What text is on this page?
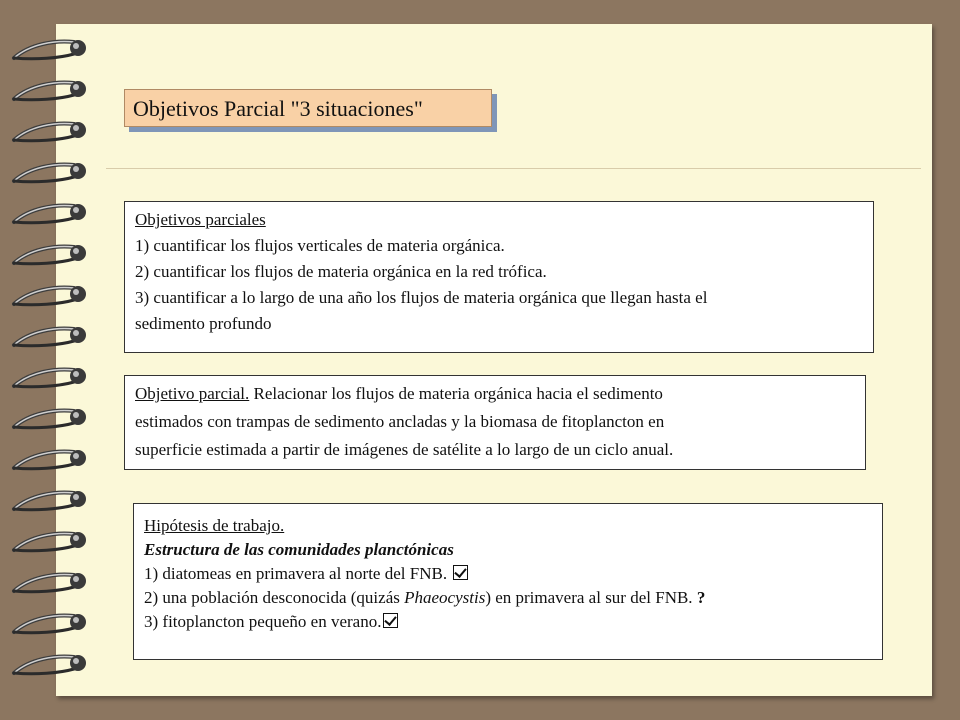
Objetivos Parcial "3 situaciones"
Objetivos parciales
1) cuantificar los flujos verticales de materia orgánica.
2) cuantificar los flujos de materia orgánica en la red trófica.
3) cuantificar a lo largo de una año los flujos de materia orgánica que llegan hasta el
sedimento profundo
Objetivo parcial. Relacionar los flujos de materia orgánica hacia el sedimento
estimados con trampas de sedimento ancladas y la biomasa de fitoplancton en
superficie estimada a partir de imágenes de satélite a lo largo de un ciclo anual.
Hipótesis de trabajo.
Estructura de las comunidades planctónicas
1) diatomeas en primavera al norte del FNB.
2) una población desconocida (quizás Phaeocystis) en primavera al sur del FNB. ?
3) fitoplancton pequeño en verano.
